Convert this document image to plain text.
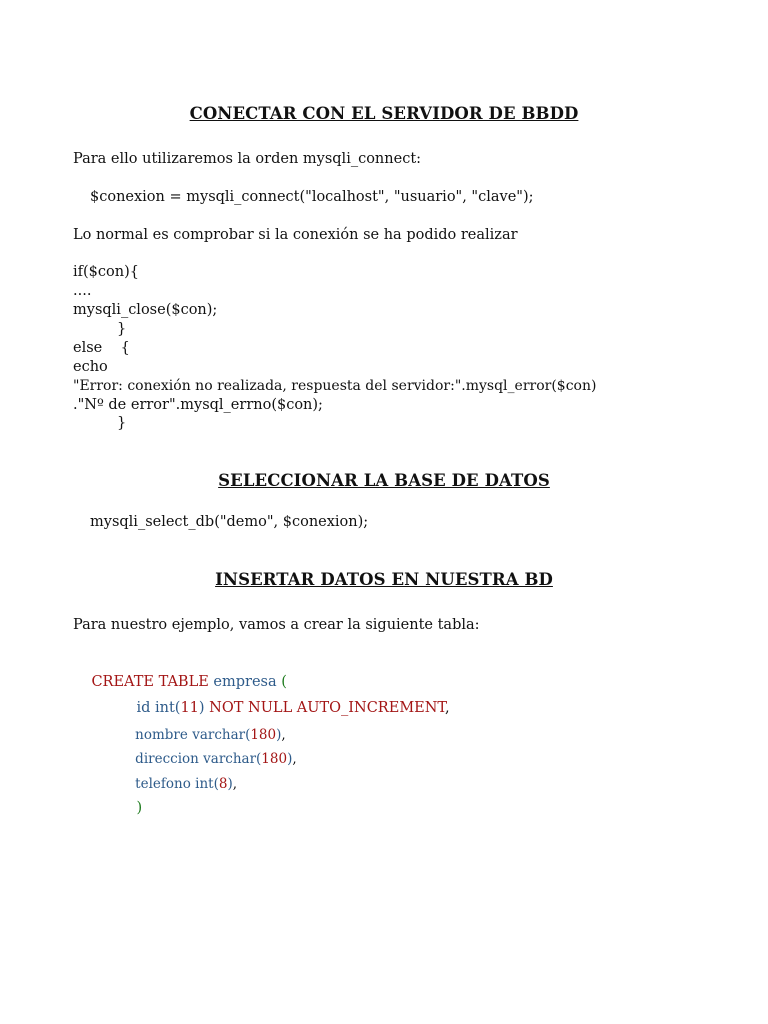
CONECTAR CON EL SERVIDOR DE BBDD
Para ello utilizaremos la orden mysqli_connect:
$conexion = mysqli_connect("localhost", "usuario", "clave");
Lo normal es comprobar si la conexión se ha podido realizar
if($con){
....
mysqli_close($con);
}
else    {
echo
"Error: conexión no realizada, respuesta del servidor:".mysql_error($con)
."Nº de error".mysql_errno($con);
}
SELECCIONAR LA BASE DE DATOS
mysqli_select_db("demo", $conexion);
INSERTAR DATOS EN NUESTRA BD
Para nuestro ejemplo, vamos a crear la siguiente tabla:

CREATE TABLE empresa (

id int(11) NOT NULL AUTO_INCREMENT,

nombre varchar(180),

direccion varchar(180),

telefono int(8),

)
